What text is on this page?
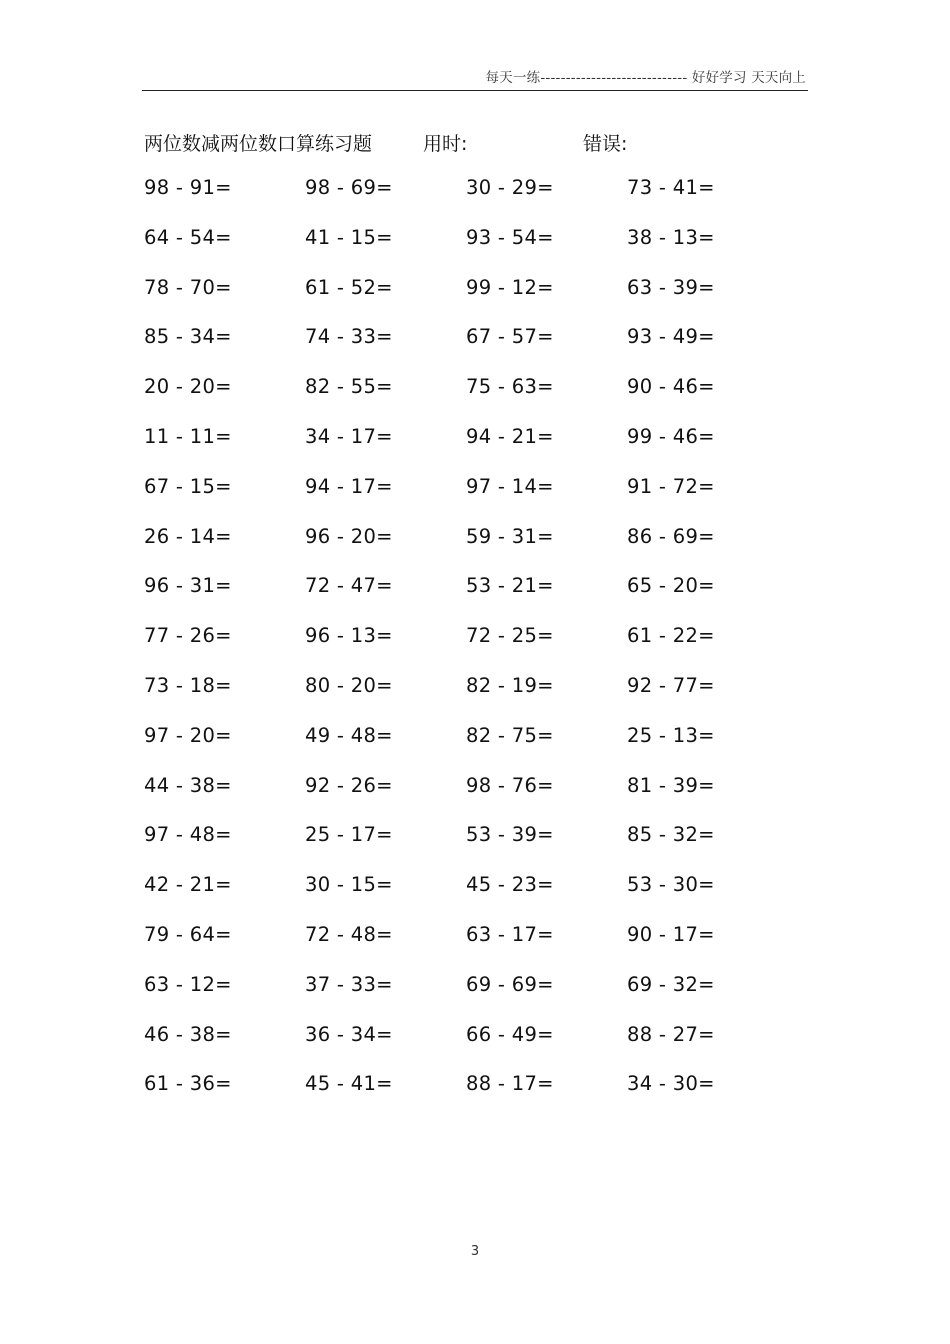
每天一练----------------------------- 好好学习 天天向上
两位数减两位数口算练习题	用时:	错误:
98 - 91=	98 - 69=	30 - 29=	73 - 41=
64 - 54=	41 - 15=	93 - 54=	38 - 13=
78 - 70=	61 - 52=	99 - 12=	63 - 39=
85 - 34=	74 - 33=	67 - 57=	93 - 49=
20 - 20=	82 - 55=	75 - 63=	90 - 46=
11 - 11=	34 - 17=	94 - 21=	99 - 46=
67 - 15=	94 - 17=	97 - 14=	91 - 72=
26 - 14=	96 - 20=	59 - 31=	86 - 69=
96 - 31=	72 - 47=	53 - 21=	65 - 20=
77 - 26=	96 - 13=	72 - 25=	61 - 22=
73 - 18=	80 - 20=	82 - 19=	92 - 77=
97 - 20=	49 - 48=	82 - 75=	25 - 13=
44 - 38=	92 - 26=	98 - 76=	81 - 39=
97 - 48=	25 - 17=	53 - 39=	85 - 32=
42 - 21=	30 - 15=	45 - 23=	53 - 30=
79 - 64=	72 - 48=	63 - 17=	90 - 17=
63 - 12=	37 - 33=	69 - 69=	69 - 32=
46 - 38=	36 - 34=	66 - 49=	88 - 27=
61 - 36=	45 - 41=	88 - 17=	34 - 30=
3
